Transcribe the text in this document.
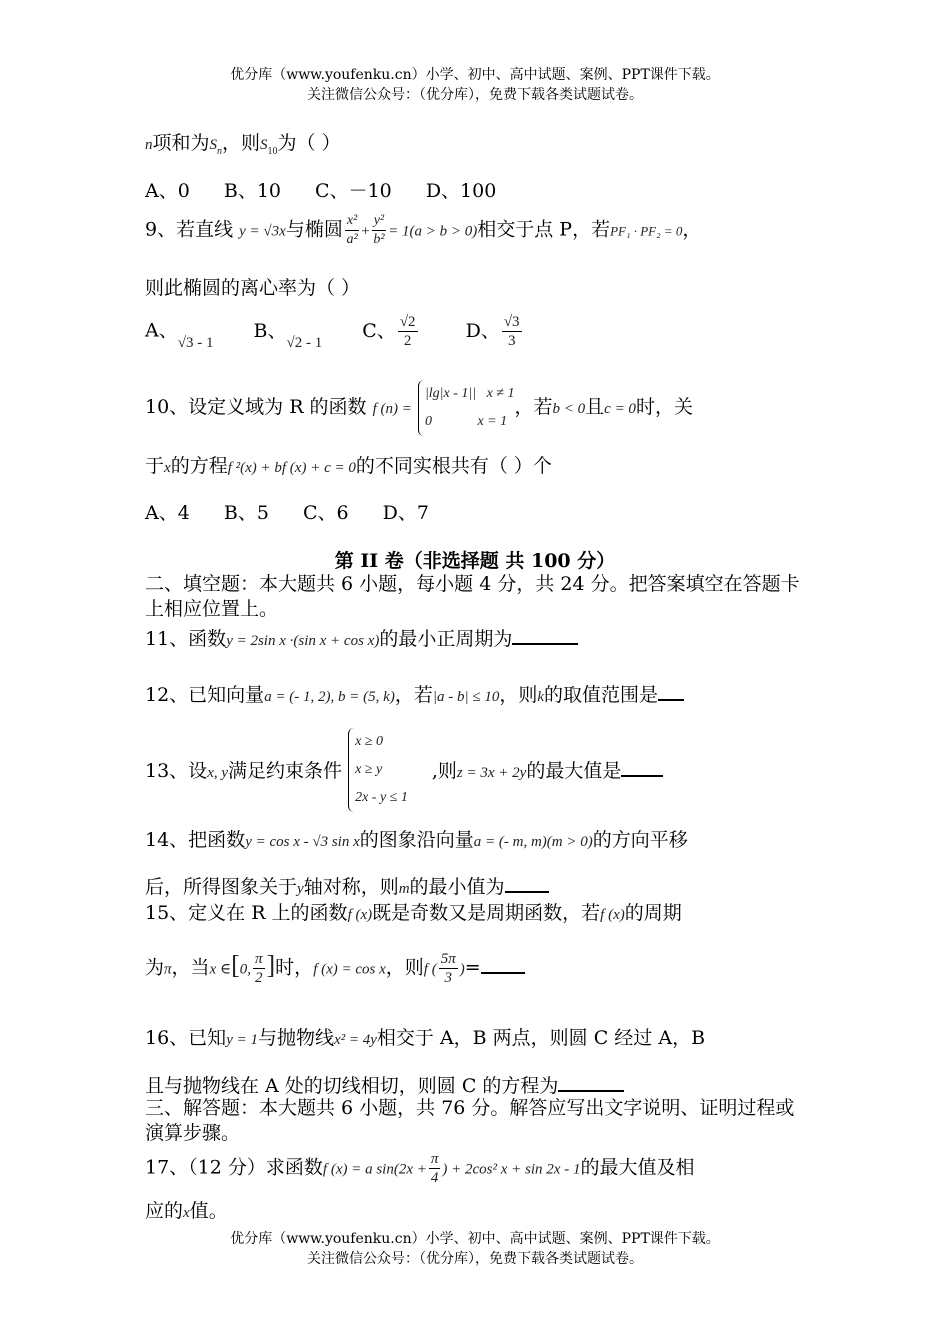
优分库（www.youfenku.cn）小学、初中、高中试题、案例、PPT课件下载。
关注微信公众号：（优分库），免费下载各类试题试卷。
n项和为$S_n$，则$S_{10}$为（ ）
A、0 B、10 C、－10 D、100
9、若直线 y = √3x与椭圆 $\frac{\text{x²}}{\text{a²}} + \frac{\text{y²}}{\text{b²}} = 1(a > b > 0)$相交于点 P，若PF₁ · PF₂ = 0，
则此椭圆的离心率为（ ）
A、$_{√3 - 1}$ B、$_{√2 - 1}$ C、 $\frac{√2}{2}$	D、 $\frac{√3}{3}$
10、设定义域为 R 的函数 f (n) =
|lg|x - 1||   x ≠ 1
0             x = 1
，若b < 0且c = 0时，关
于x的方程f ²(x) + bf (x) + c = 0的不同实根共有（ ）个
A、4 B、5 C、6 D、7
第 II 卷（非选择题 共 100 分）
二、填空题：本大题共 6 小题，每小题 4 分，共 24 分。把答案填空在答题卡上相应位置上。
11、函数y = 2sin x ·(sin x + cos x)的最小正周期为
12、已知向量a = (- 1, 2), b = (5, k)，若|a - b| ≤ 10，则k的取值范围是
13、设$_{x, y}$满足约束条件
x ≥ 0
x ≥ y
2x - y ≤ 1
,则$_{z = 3x + 2y}$的最大值是
14、把函数y = cos x - √3 sin x的图象沿向量a = (- m, m)(m > 0)的方向平移
后，所得图象关于y轴对称，则m的最小值为
15、定义在 R 上的函数f (x)既是奇数又是周期函数，若f (x)的周期
为π，当x ∈[0, $\frac{\pi}{2}$ ]时，f (x) = cos x，则f ( $\frac{5\pi}{3}$ )=
16、已知y = 1与抛物线x² = 4y相交于 A，B 两点，则圆 C 经过 A，B
且与抛物线在 A 处的切线相切，则圆 C 的方程为
三、解答题：本大题共 6 小题，共 76 分。解答应写出文字说明、证明过程或演算步骤。
17、（12 分）求函数f (x) = a $\sin(2x + \frac{\pi}{4}$ ) + 2cos² x + sin 2x - 1的最大值及相
应的x值。
优分库（www.youfenku.cn）小学、初中、高中试题、案例、PPT课件下载。
关注微信公众号：（优分库），免费下载各类试题试卷。
